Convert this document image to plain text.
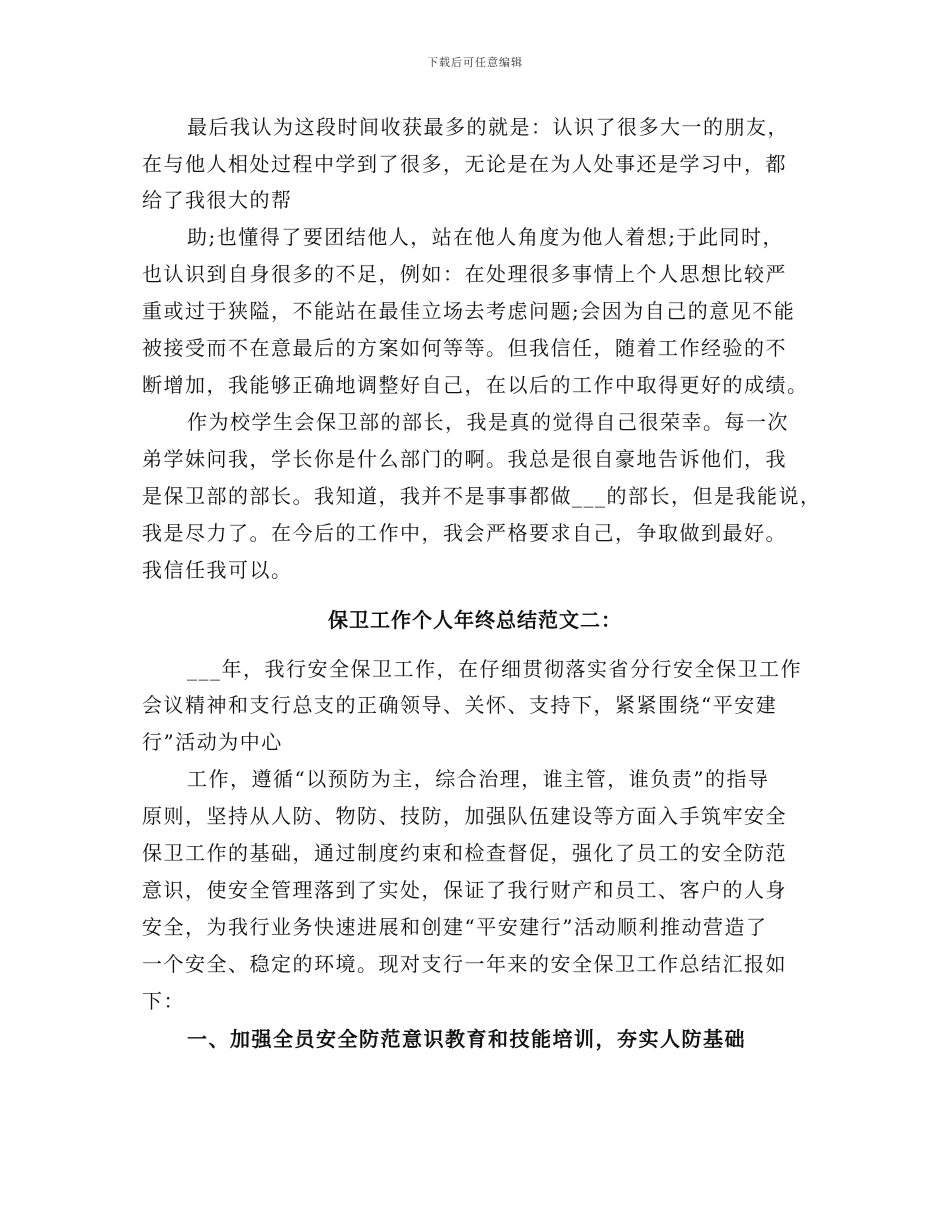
下载后可任意编辑
最后我认为这段时间收获最多的就是：认识了很多大一的朋友，
在与他人相处过程中学到了很多，无论是在为人处事还是学习中，都
给了我很大的帮
助;也懂得了要团结他人，站在他人角度为他人着想;于此同时，
也认识到自身很多的不足，例如：在处理很多事情上个人思想比较严
重或过于狭隘，不能站在最佳立场去考虑问题;会因为自己的意见不能
被接受而不在意最后的方案如何等等。但我信任，随着工作经验的不
断增加，我能够正确地调整好自己，在以后的工作中取得更好的成绩。
作为校学生会保卫部的部长，我是真的觉得自己很荣幸。每一次
弟学妹问我，学长你是什么部门的啊。我总是很自豪地告诉他们，我
是保卫部的部长。我知道，我并不是事事都做___的部长，但是我能说，
我是尽力了。在今后的工作中，我会严格要求自己，争取做到最好。
我信任我可以。
保卫工作个人年终总结范文二：
___年，我行安全保卫工作，在仔细贯彻落实省分行安全保卫工作
会议精神和支行总支的正确领导、关怀、支持下，紧紧围绕“平安建
行”活动为中心
工作，遵循“以预防为主，综合治理，谁主管，谁负责”的指导
原则，坚持从人防、物防、技防，加强队伍建设等方面入手筑牢安全
保卫工作的基础，通过制度约束和检查督促，强化了员工的安全防范
意识，使安全管理落到了实处，保证了我行财产和员工、客户的人身
安全，为我行业务快速进展和创建“平安建行”活动顺利推动营造了
一个安全、稳定的环境。现对支行一年来的安全保卫工作总结汇报如
下：
一、加强全员安全防范意识教育和技能培训，夯实人防基础
